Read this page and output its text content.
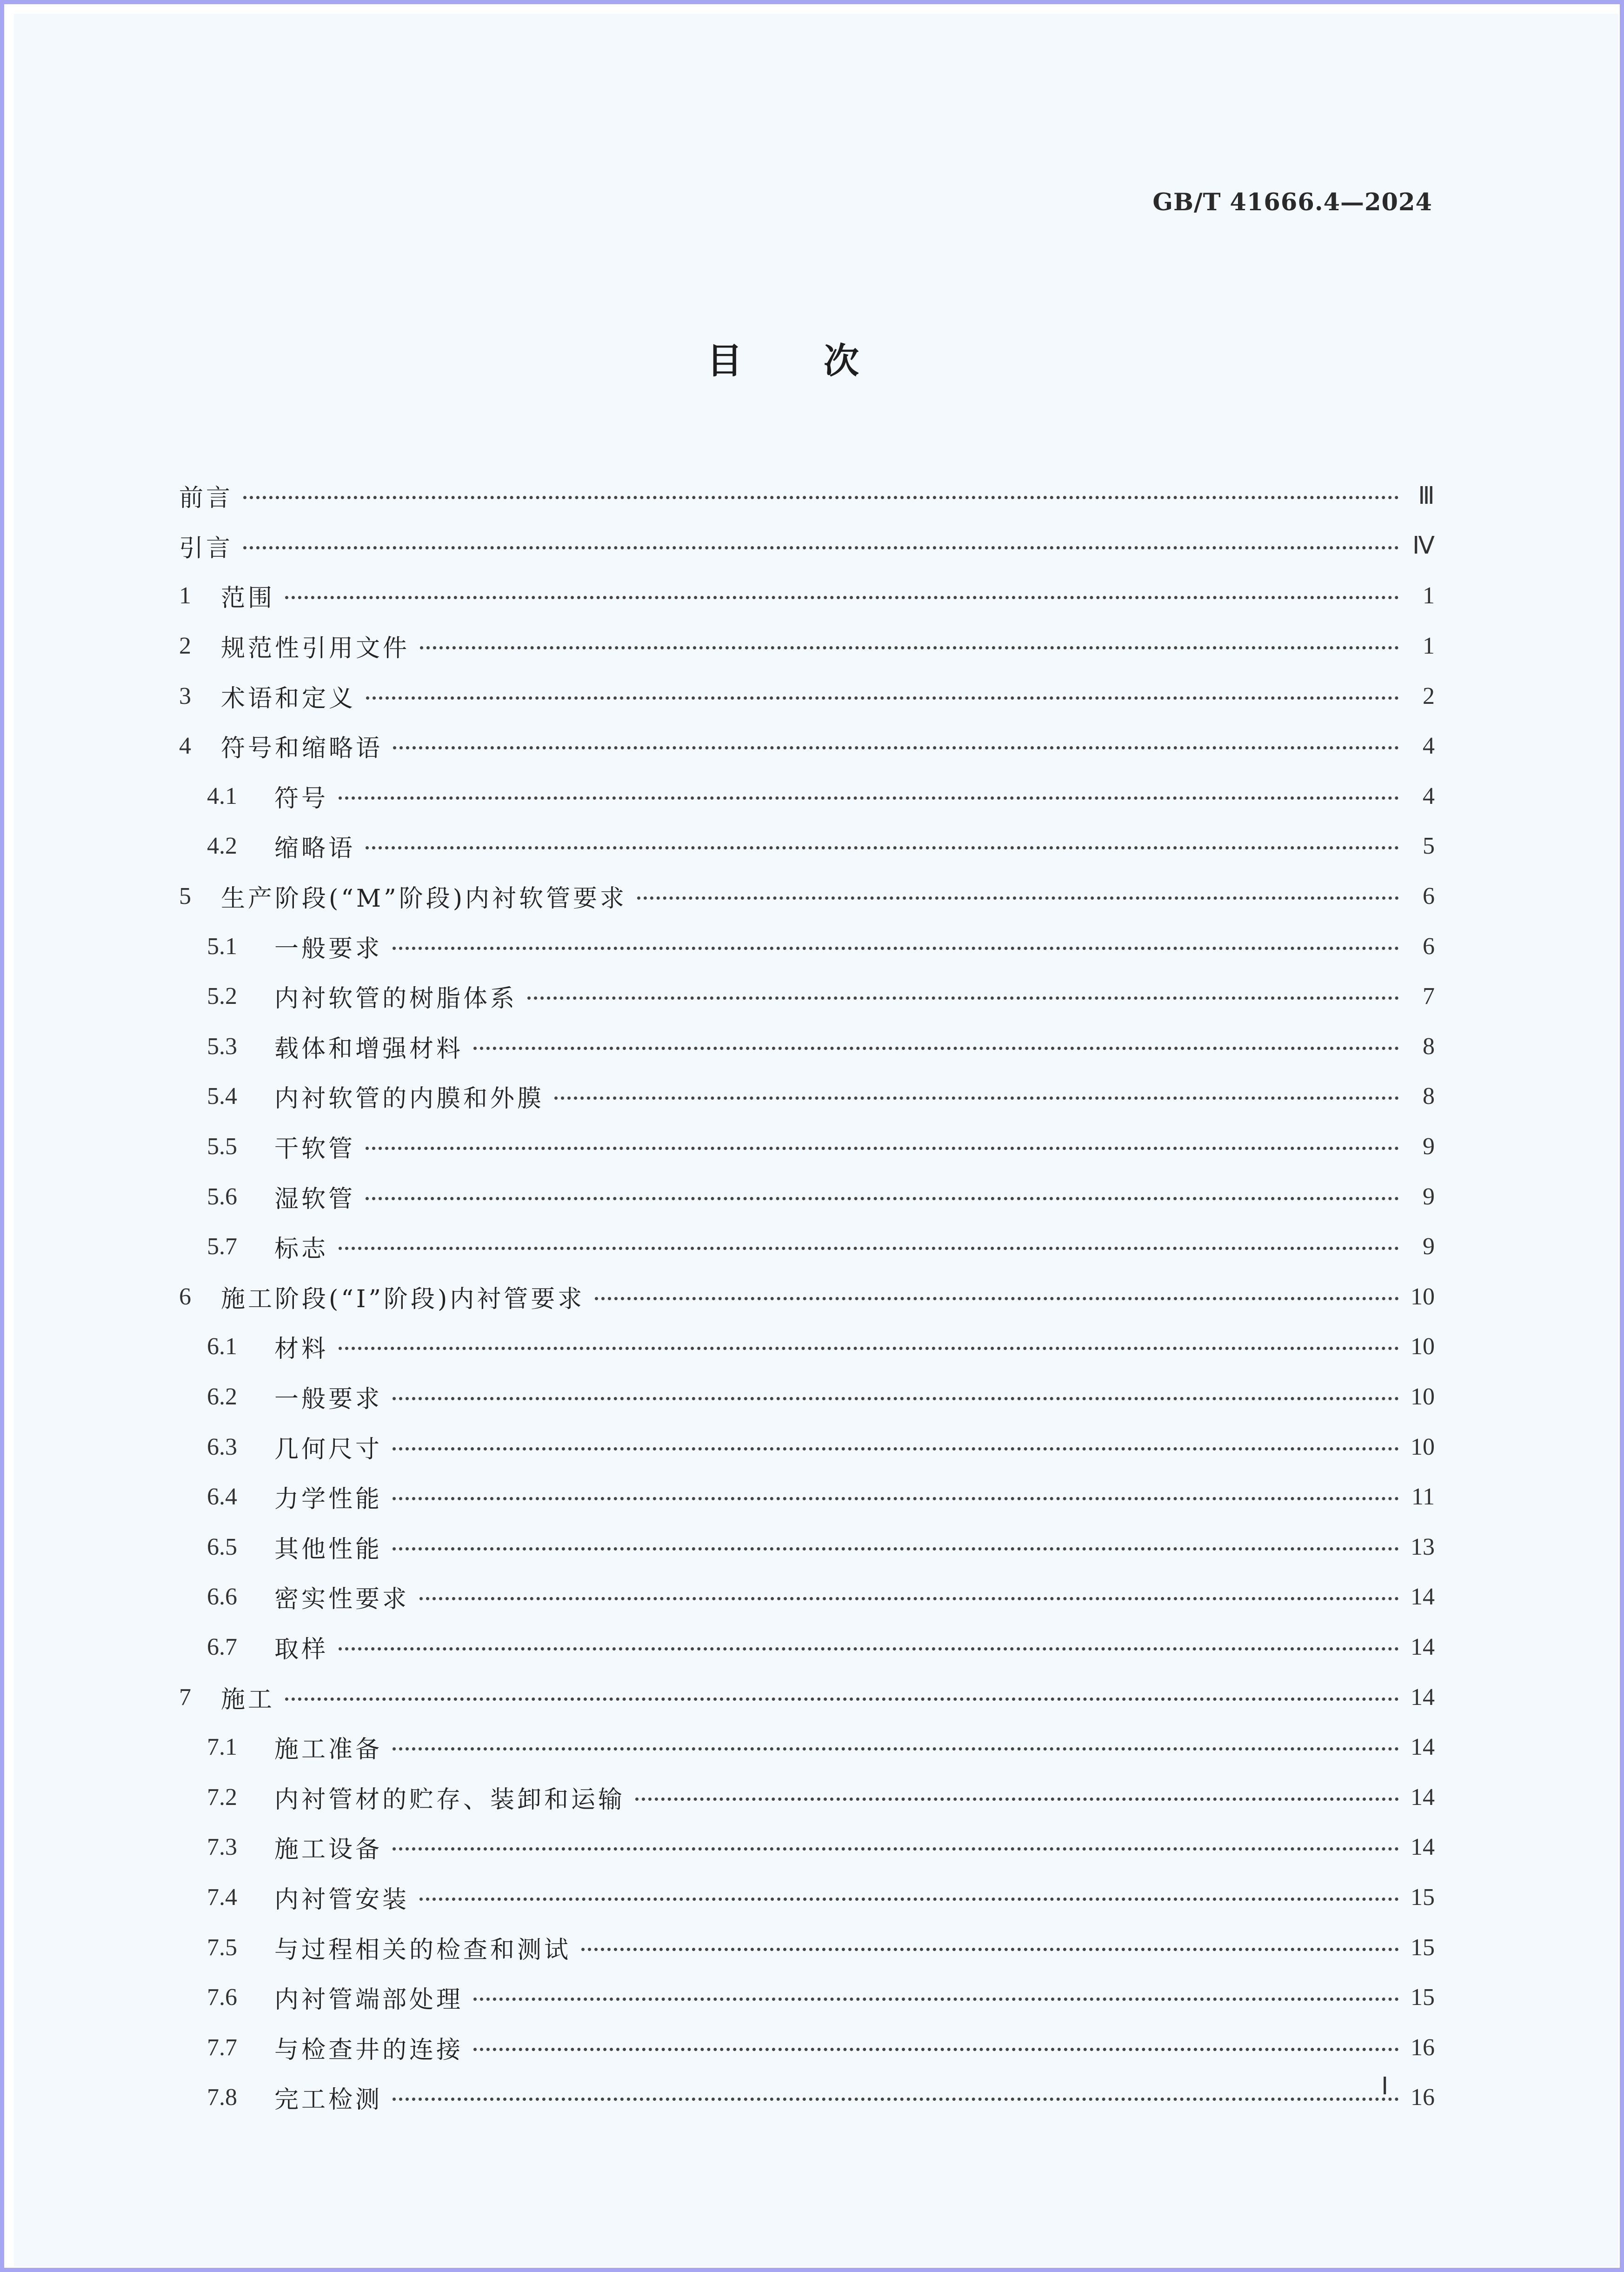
GB/T 41666.4—2024
目 次
前言	Ⅲ
引言	Ⅳ
1	范围	1
2	规范性引用文件	1
3	术语和定义	2
4	符号和缩略语	4
4.1	符号	4
4.2	缩略语	5
5	生产阶段(“M”阶段)内衬软管要求	6
5.1	一般要求	6
5.2	内衬软管的树脂体系	7
5.3	载体和增强材料	8
5.4	内衬软管的内膜和外膜	8
5.5	干软管	9
5.6	湿软管	9
5.7	标志	9
6	施工阶段(“I”阶段)内衬管要求	10
6.1	材料	10
6.2	一般要求	10
6.3	几何尺寸	10
6.4	力学性能	11
6.5	其他性能	13
6.6	密实性要求	14
6.7	取样	14
7	施工	14
7.1	施工准备	14
7.2	内衬管材的贮存、装卸和运输	14
7.3	施工设备	14
7.4	内衬管安装	15
7.5	与过程相关的检查和测试	15
7.6	内衬管端部处理	15
7.7	与检查井的连接	16
7.8	完工检测	16
Ⅰ
